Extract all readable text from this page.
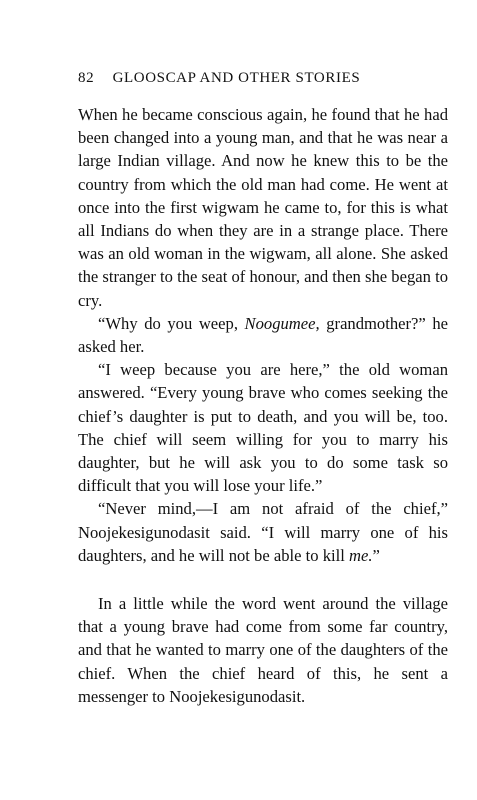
82 GLOOSCAP AND OTHER STORIES

When he became conscious again, he found that he had been changed into a young man, and that he was near a large Indian village. And now he knew this to be the country from which the old man had come. He went at once into the first wigwam he came to, for this is what all Indians do when they are in a strange place. There was an old woman in the wigwam, all alone. She asked the stranger to the seat of honour, and then she began to cry.

“Why do you weep, Noogumee, grandmother?” he asked her.

“I weep because you are here,” the old woman answered. “Every young brave who comes seeking the chief’s daughter is put to death, and you will be, too. The chief will seem willing for you to marry his daughter, but he will ask you to do some task so difficult that you will lose your life.”

“Never mind,—I am not afraid of the chief,” Noojekesigunodasit said. “I will marry one of his daughters, and he will not be able to kill me.”

In a little while the word went around the village that a young brave had come from some far country, and that he wanted to marry one of the daughters of the chief. When the chief heard of this, he sent a messenger to Noojekesigunodasit.
